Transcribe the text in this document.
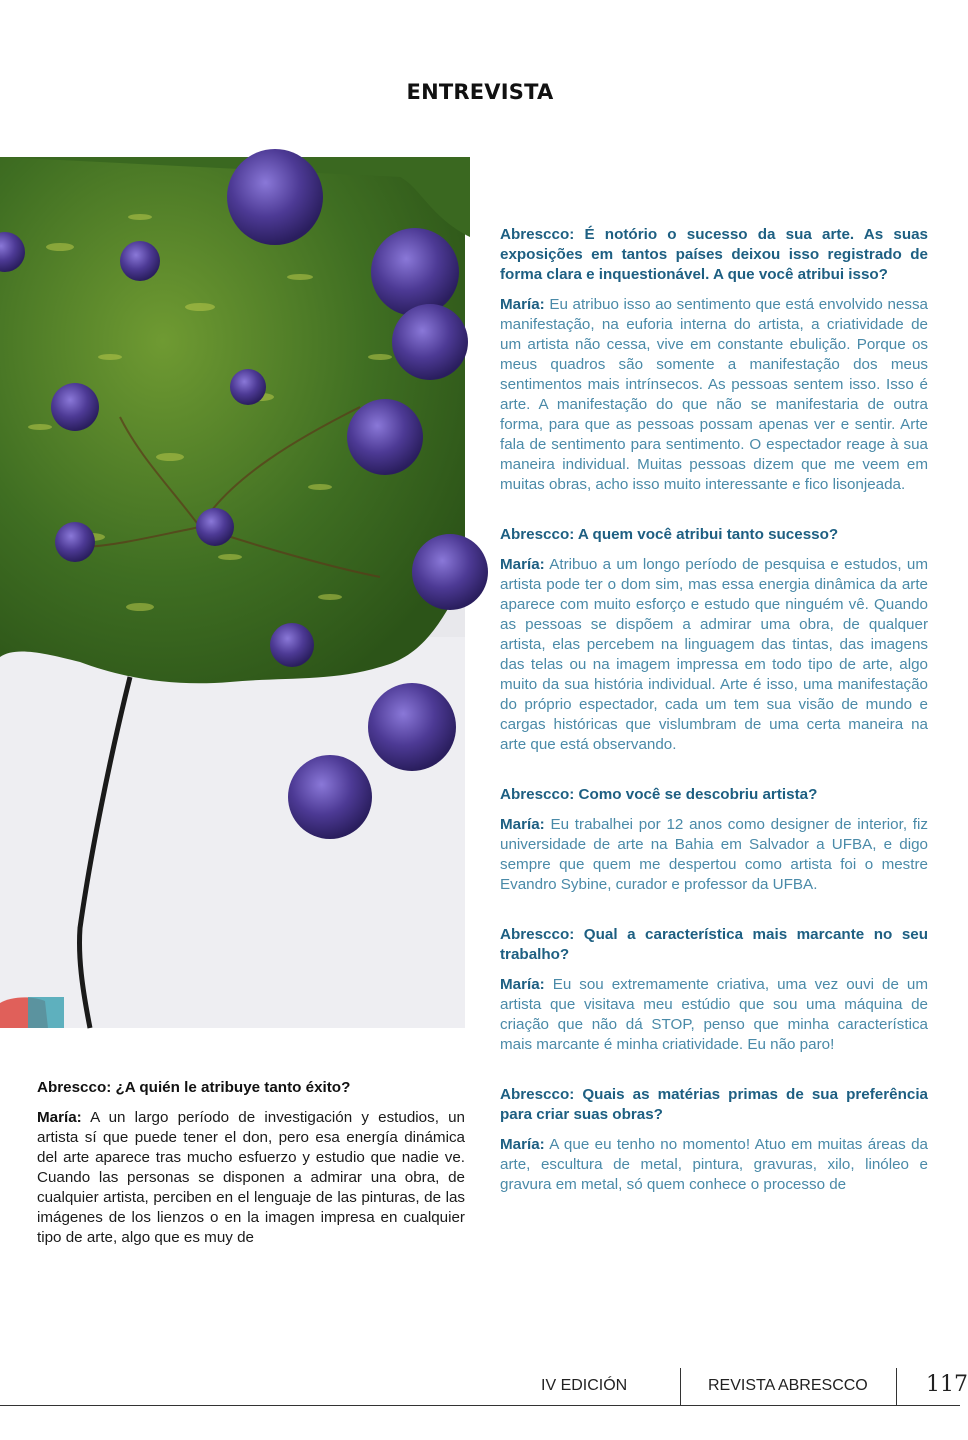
ENTREVISTA

Abrescco: É notório o sucesso da sua arte. As suas exposições em tantos países deixou isso registrado de forma clara e inquestionável. A que você atribui isso?

María: Eu atribuo isso ao sentimento que está envolvido nessa manifestação, na euforia interna do artista, a criatividade de um artista não cessa, vive em constante ebulição. Porque os meus quadros são somente a manifestação dos meus sentimentos mais intrínsecos. As pessoas sentem isso. Isso é arte. A manifestação do que não se manifestaria de outra forma, para que as pessoas possam apenas ver e sentir. Arte fala de sentimento para sentimento. O espectador reage à sua maneira individual. Muitas pessoas dizem que me veem em muitas obras, acho isso muito interessante e fico lisonjeada.

Abrescco: A quem você atribui tanto sucesso?

María: Atribuo a um longo período de pesquisa e estudos, um artista pode ter o dom sim, mas essa energia dinâmica da arte aparece com muito esforço e estudo que ninguém vê. Quando as pessoas se dispõem a admirar uma obra, de qualquer artista, elas percebem na linguagem das tintas, das imagens das telas ou na imagem impressa em todo tipo de arte, algo muito da sua história individual. Arte é isso, uma manifestação do próprio espectador, cada um tem sua visão de mundo e cargas históricas que vislumbram de uma certa maneira na arte que está observando.

Abrescco: Como você se descobriu artista?

María: Eu trabalhei por 12 anos como designer de interior, fiz universidade de arte na Bahia em Salvador a UFBA, e digo sempre que quem me despertou como artista foi o mestre Evandro Sybine, curador e professor da UFBA.

Abrescco: Qual a característica mais marcante no seu trabalho?

María: Eu sou extremamente criativa, uma vez ouvi de um artista que visitava meu estúdio que sou uma máquina de criação que não dá STOP, penso que minha característica mais marcante é minha criatividade. Eu não paro!

Abrescco: Quais as matérias primas de sua preferência para criar suas obras?

María: A que eu tenho no momento! Atuo em muitas áreas da arte, escultura de metal, pintura, gravuras, xilo, linóleo e gravura em metal, só quem conhece o processo de

Abrescco: ¿A quién le atribuye tanto éxito?

María: A un largo período de investigación y estudios, un artista sí que puede tener el don, pero esa energía dinámica del arte aparece tras mucho esfuerzo y estudio que nadie ve. Cuando las personas se disponen a admirar una obra, de cualquier artista, perciben en el lenguaje de las pinturas, de las imágenes de los lienzos o en la imagen impresa en cualquier tipo de arte, algo que es muy de

IV EDICIÓN	REVISTA ABRESCCO	117
